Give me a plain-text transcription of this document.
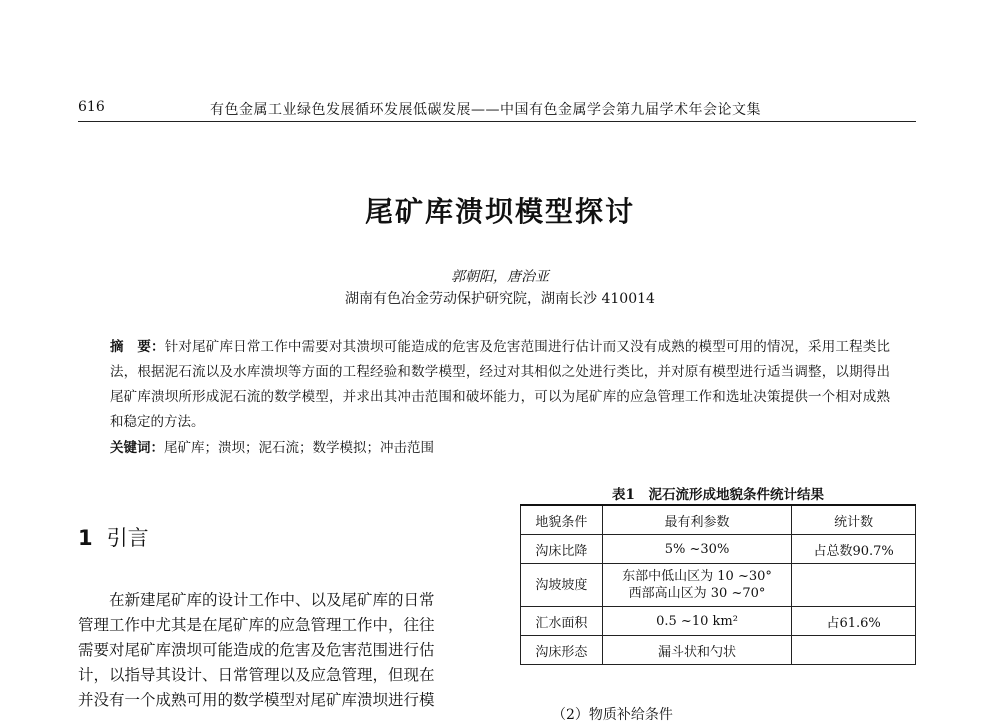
616	有色金属工业绿色发展循环发展低碳发展——中国有色金属学会第九届学术年会论文集
尾矿库溃坝模型探讨
郭朝阳，唐治亚
湖南有色冶金劳动保护研究院，湖南长沙 410014
摘　要：针对尾矿库日常工作中需要对其溃坝可能造成的危害及危害范围进行估计而又没有成熟的模型可用的情况，采用工程类比法，根据泥石流以及水库溃坝等方面的工程经验和数学模型，经过对其相似之处进行类比，并对原有模型进行适当调整，以期得出尾矿库溃坝所形成泥石流的数学模型，并求出其冲击范围和破坏能力，可以为尾矿库的应急管理工作和选址决策提供一个相对成熟和稳定的方法。
关键词：尾矿库；溃坝；泥石流；数学模拟；冲击范围
1 引言
在新建尾矿库的设计工作中、以及尾矿库的日常
管理工作中尤其是在尾矿库的应急管理工作中，往往
需要对尾矿库溃坝可能造成的危害及危害范围进行估
计，以指导其设计、日常管理以及应急管理，但现在
并没有一个成熟可用的数学模型对尾矿库溃坝进行模
表1　泥石流形成地貌条件统计结果
地貌条件	最有利参数	统计数
沟床比降	5% ~30%	占总数90.7%
沟坡坡度	东部中低山区为 10 ~30°
西部高山区为 30 ~70°	

汇水面积	0.5 ~10 km²	占61.6%
沟床形态	漏斗状和勺状	
（2）物质补给条件
